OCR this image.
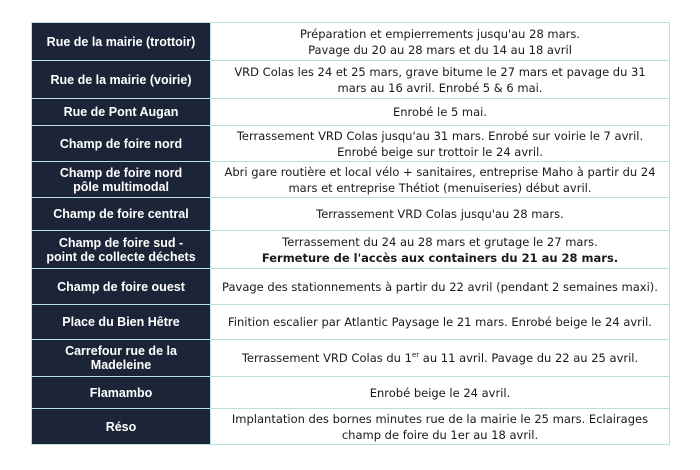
Rue de la mairie (trottoir)	Préparation et empierrements jusqu'au 28 mars.
Pavage du 20 au 28 mars et du 14 au 18 avril

Rue de la mairie (voirie)	VRD Colas les 24 et 25 mars, grave bitume le 27 mars et pavage du 31
mars au 16 avril. Enrobé 5 & 6 mai.

Rue de Pont Augan	Enrobé le 5 mai.

Champ de foire nord	Terrassement VRD Colas jusqu'au 31 mars. Enrobé sur voirie le 7 avril.
Enrobé beige sur trottoir le 24 avril.

Champ de foire nord
pôle multimodal	Abri gare routière et local vélo + sanitaires, entreprise Maho à partir du 24
mars et entreprise Thétiot (menuiseries) début avril.

Champ de foire central	Terrassement VRD Colas jusqu'au 28 mars.

Champ de foire sud -
point de collecte déchets	Terrassement du 24 au 28 mars et grutage le 27 mars.
Fermeture de l'accès aux containers du 21 au 28 mars.

Champ de foire ouest	Pavage des stationnements à partir du 22 avril (pendant 2 semaines maxi).

Place du Bien Hêtre	Finition escalier par Atlantic Paysage le 21 mars. Enrobé beige le 24 avril.

Carrefour rue de la
Madeleine	Terrassement VRD Colas du 1er au 11 avril. Pavage du 22 au 25 avril.

Flamambo	Enrobé beige le 24 avril.

Réso	Implantation des bornes minutes rue de la mairie le 25 mars. Eclairages
champ de foire du 1er au 18 avril.
